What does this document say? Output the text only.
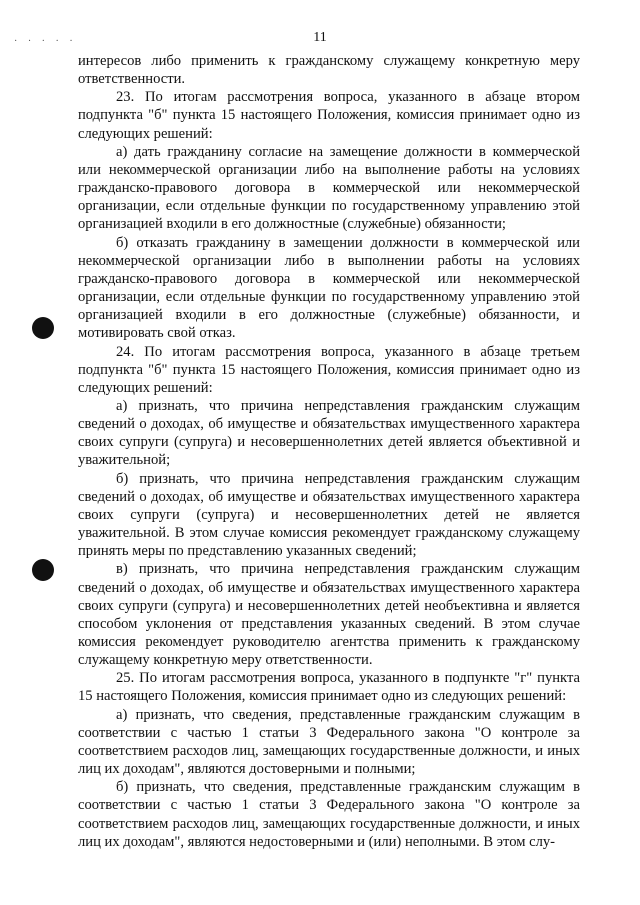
· · · · ·	11

интересов либо применить к гражданскому служащему конкретную меру ответственности.

23. По итогам рассмотрения вопроса, указанного в абзаце втором подпункта "б" пункта 15 настоящего Положения, комиссия принимает одно из следующих решений:

а) дать гражданину согласие на замещение должности в коммерческой или некоммерческой организации либо на выполнение работы на условиях гражданско-правового договора в коммерческой или некоммерческой организации, если отдельные функции по государственному управлению этой организацией входили в его должностные (служебные) обязанности;

б) отказать гражданину в замещении должности в коммерческой или некоммерческой организации либо в выполнении работы на условиях гражданско-правового договора в коммерческой или некоммерческой организации, если отдельные функции по государственному управлению этой организацией входили в его должностные (служебные) обязанности, и мотивировать свой отказ.

24. По итогам рассмотрения вопроса, указанного в абзаце третьем подпункта "б" пункта 15 настоящего Положения, комиссия принимает одно из следующих решений:

а) признать, что причина непредставления гражданским служащим сведений о доходах, об имуществе и обязательствах имущественного характера своих супруги (супруга) и несовершеннолетних детей является объективной и уважительной;

б) признать, что причина непредставления гражданским служащим сведений о доходах, об имуществе и обязательствах имущественного характера своих супруги (супруга) и несовершеннолетних детей не является уважительной. В этом случае комиссия рекомендует гражданскому служащему принять меры по представлению указанных сведений;

в) признать, что причина непредставления гражданским служащим сведений о доходах, об имуществе и обязательствах имущественного характера своих супруги (супруга) и несовершеннолетних детей необъективна и является способом уклонения от представления указанных сведений. В этом случае комиссия рекомендует руководителю агентства применить к гражданскому служащему конкретную меру ответственности.

25. По итогам рассмотрения вопроса, указанного в подпункте "г" пункта 15 настоящего Положения, комиссия принимает одно из следующих решений:

а) признать, что сведения, представленные гражданским служащим в соответствии с частью 1 статьи 3 Федерального закона "О контроле за соответствием расходов лиц, замещающих государственные должности, и иных лиц их доходам", являются достоверными и полными;

б) признать, что сведения, представленные гражданским служащим в соответствии с частью 1 статьи 3 Федерального закона "О контроле за соответствием расходов лиц, замещающих государственные должности, и иных лиц их доходам", являются недостоверными и (или) неполными. В этом слу-
